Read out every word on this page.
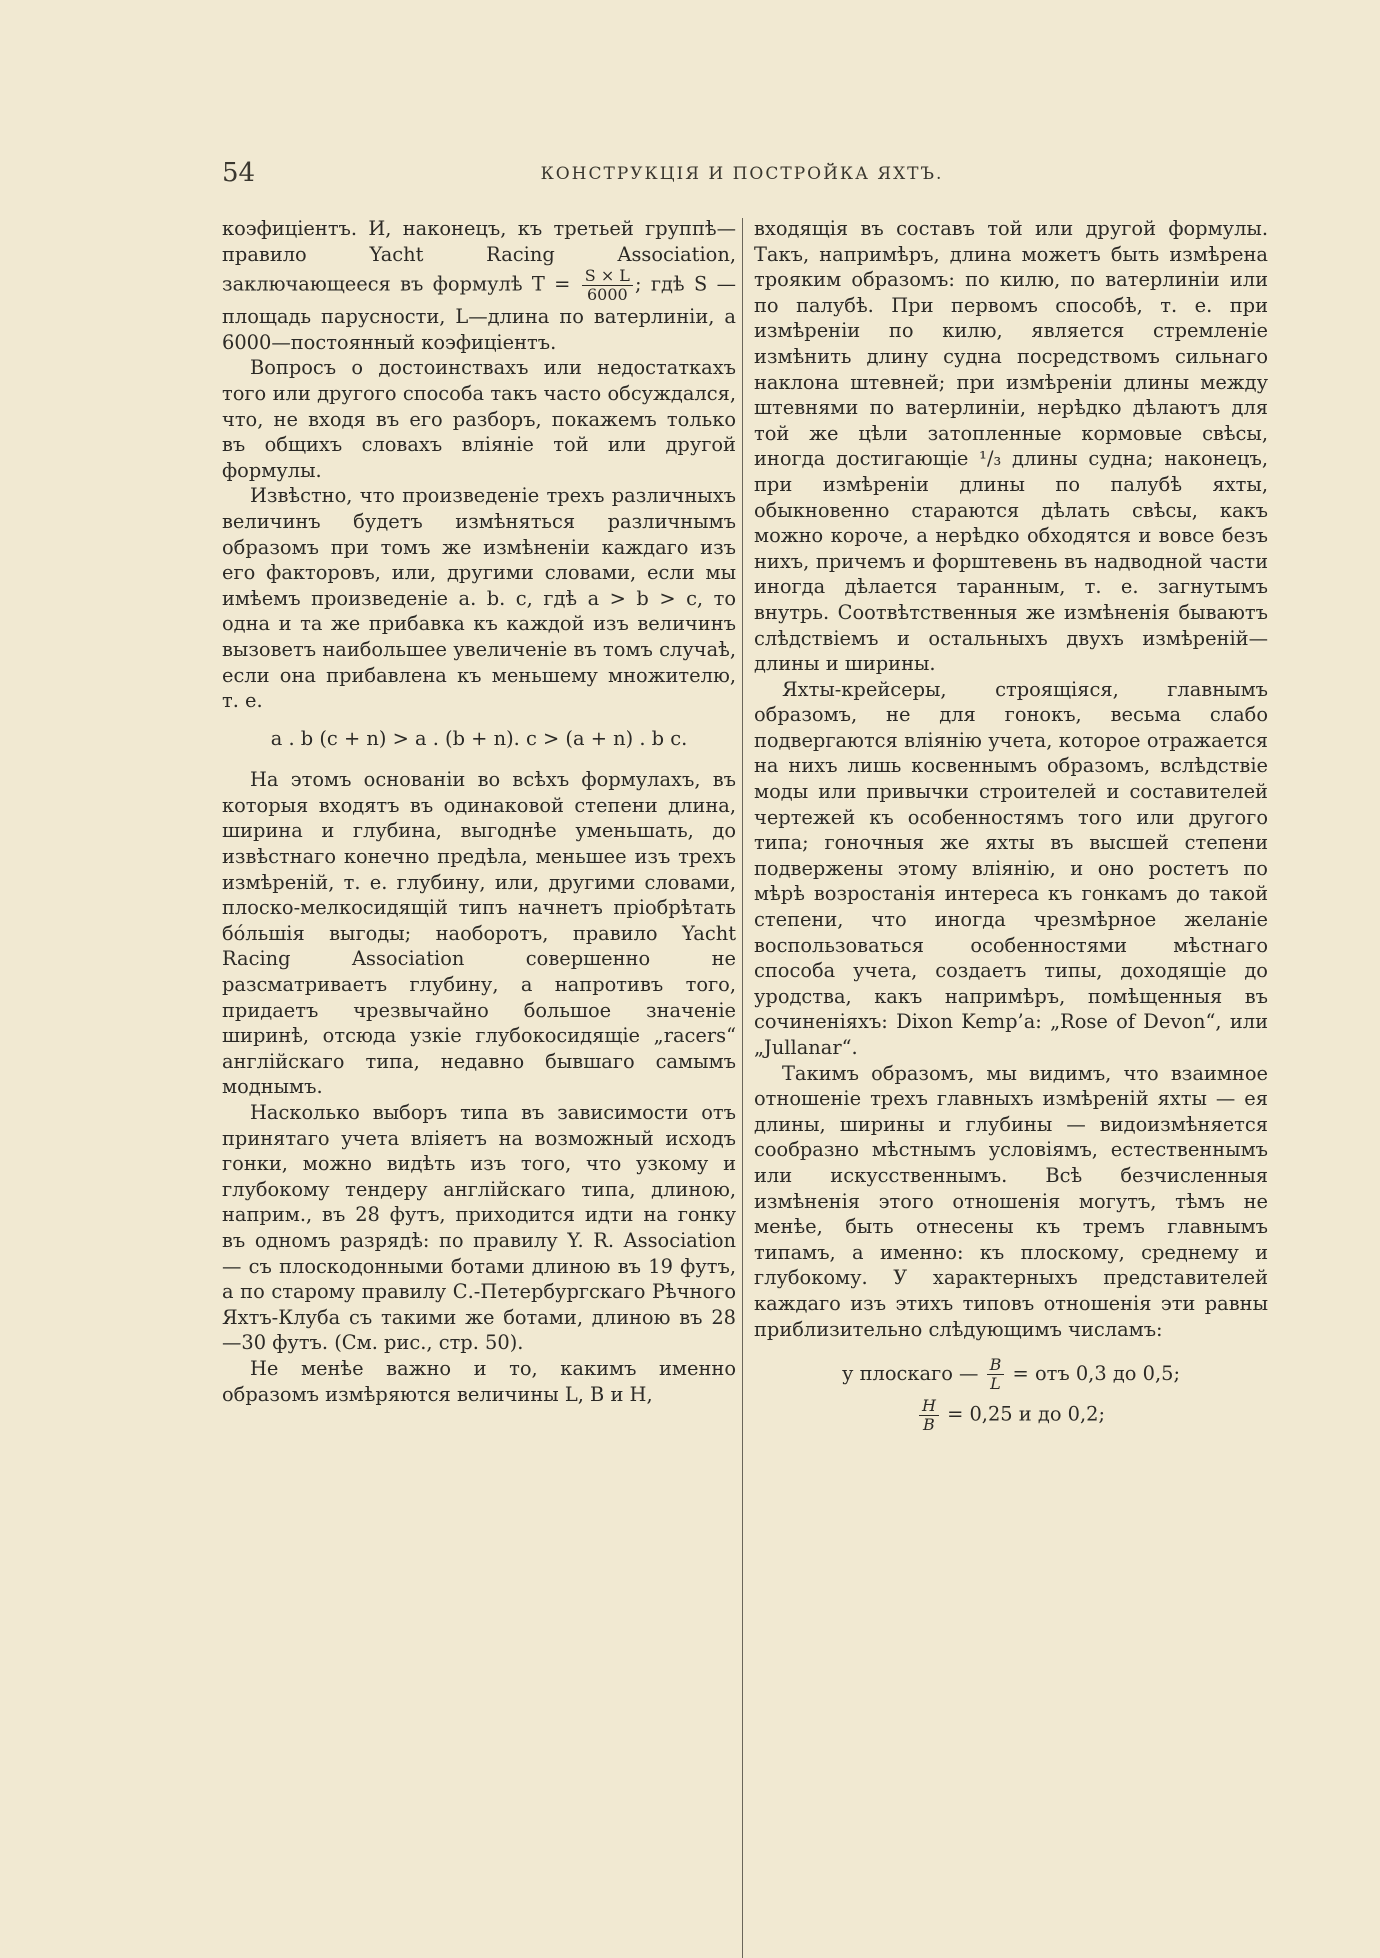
54	КОНСТРУКЦІЯ И ПОСТРОЙКА ЯХТЪ.

коэфиціентъ. И, наконецъ, къ третьей группѣ—правило Yacht Racing Association, заключающееся въ формулѣ $T = \frac{S \times L}{6000}$ ; гдѣ S — площадь парусности, L—длина по ватерлиніи, а 6000—постоянный коэфиціентъ.

Вопросъ о достоинствахъ или недостаткахъ того или другого способа такъ часто обсуждался, что, не входя въ его разборъ, покажемъ только въ общихъ словахъ вліяніе той или другой формулы.

Извѣстно, что произведеніе трехъ различныхъ величинъ будетъ измѣняться различнымъ образомъ при томъ же измѣненіи каждаго изъ его факторовъ, или, другими словами, если мы имѣемъ произведеніе a. b. c, гдѣ a > b > c, то одна и та же прибавка къ каждой изъ величинъ вызоветъ наибольшее увеличеніе въ томъ случаѣ, если она прибавлена къ меньшему множителю, т. е.

a . b (c + n) > a . (b + n). c > (a + n) . b c.

На этомъ основаніи во всѣхъ формулахъ, въ которыя входятъ въ одинаковой степени длина, ширина и глубина, выгоднѣе уменьшать, до извѣстнаго конечно предѣла, меньшее изъ трехъ измѣреній, т. е. глубину, или, другими словами, плоско-мелкосидящій типъ начнетъ пріобрѣтать бóльшія выгоды; наоборотъ, правило Yacht Racing Association совершенно не разсматриваетъ глубину, а напротивъ того, придаетъ чрезвычайно большое значеніе ширинѣ, отсюда узкіе глубокосидящіе „racers“ англійскаго типа, недавно бывшаго самымъ моднымъ.

Насколько выборъ типа въ зависимости отъ принятаго учета вліяетъ на возможный исходъ гонки, можно видѣть изъ того, что узкому и глубокому тендеру англійскаго типа, длиною, наприм., въ 28 футъ, приходится идти на гонку въ одномъ разрядѣ: по правилу Y. R. Association — съ плоскодонными ботами длиною въ 19 футъ, а по старому правилу С.-Петербургскаго Рѣчного Яхтъ-Клуба съ такими же ботами, длиною въ 28—30 футъ. (См. рис., стр. 50).

Не менѣе важно и то, какимъ именно образомъ измѣряются величины L, B и H,

входящія въ составъ той или другой формулы. Такъ, напримѣръ, длина можетъ быть измѣрена трояким образомъ: по килю, по ватерлиніи или по палубѣ. При первомъ способѣ, т. е. при измѣреніи по килю, является стремленіе измѣнить длину судна посредствомъ сильнаго наклона штевней; при измѣреніи длины между штевнями по ватерлиніи, нерѣдко дѣлаютъ для той же цѣли затопленные кормовые свѣсы, иногда достигающіе ¹/₃ длины судна; наконецъ, при измѣреніи длины по палубѣ яхты, обыкновенно стараются дѣлать свѣсы, какъ можно короче, а нерѣдко обходятся и вовсе безъ нихъ, причемъ и форштевень въ надводной части иногда дѣлается таранным, т. е. загнутымъ внутрь. Соотвѣтственныя же измѣненія бываютъ слѣдствіемъ и остальныхъ двухъ измѣреній—длины и ширины.

Яхты-крейсеры, строящіяся, главнымъ образомъ, не для гонокъ, весьма слабо подвергаются вліянію учета, которое отражается на нихъ лишь косвеннымъ образомъ, вслѣдствіе моды или привычки строителей и составителей чертежей къ особенностямъ того или другого типа; гоночныя же яхты въ высшей степени подвержены этому вліянію, и оно ростетъ по мѣрѣ возростанія интереса къ гонкамъ до такой степени, что иногда чрезмѣрное желаніе воспользоваться особенностями мѣстнаго способа учета, создаетъ типы, доходящіе до уродства, какъ напримѣръ, помѣщенныя въ сочиненіяхъ: Dixon Kemp’a: „Rose of Devon“, или „Jullanar“.

Такимъ образомъ, мы видимъ, что взаимное отношеніе трехъ главныхъ измѣреній яхты — ея длины, ширины и глубины — видоизмѣняется сообразно мѣстнымъ условіямъ, естественнымъ или искусственнымъ. Всѣ безчисленныя измѣненія этого отношенія могутъ, тѣмъ не менѣе, быть отнесены къ тремъ главнымъ типамъ, а именно: къ плоскому, среднему и глубокому. У характерныхъ представителей каждаго изъ этихъ типовъ отношенія эти равны приблизительно слѣдующимъ числамъ:

у плоскаго — $\frac{B}{L}$ = отъ 0,3 до 0,5;
$\frac{H}{B} = 0,25$ и до 0,2;
